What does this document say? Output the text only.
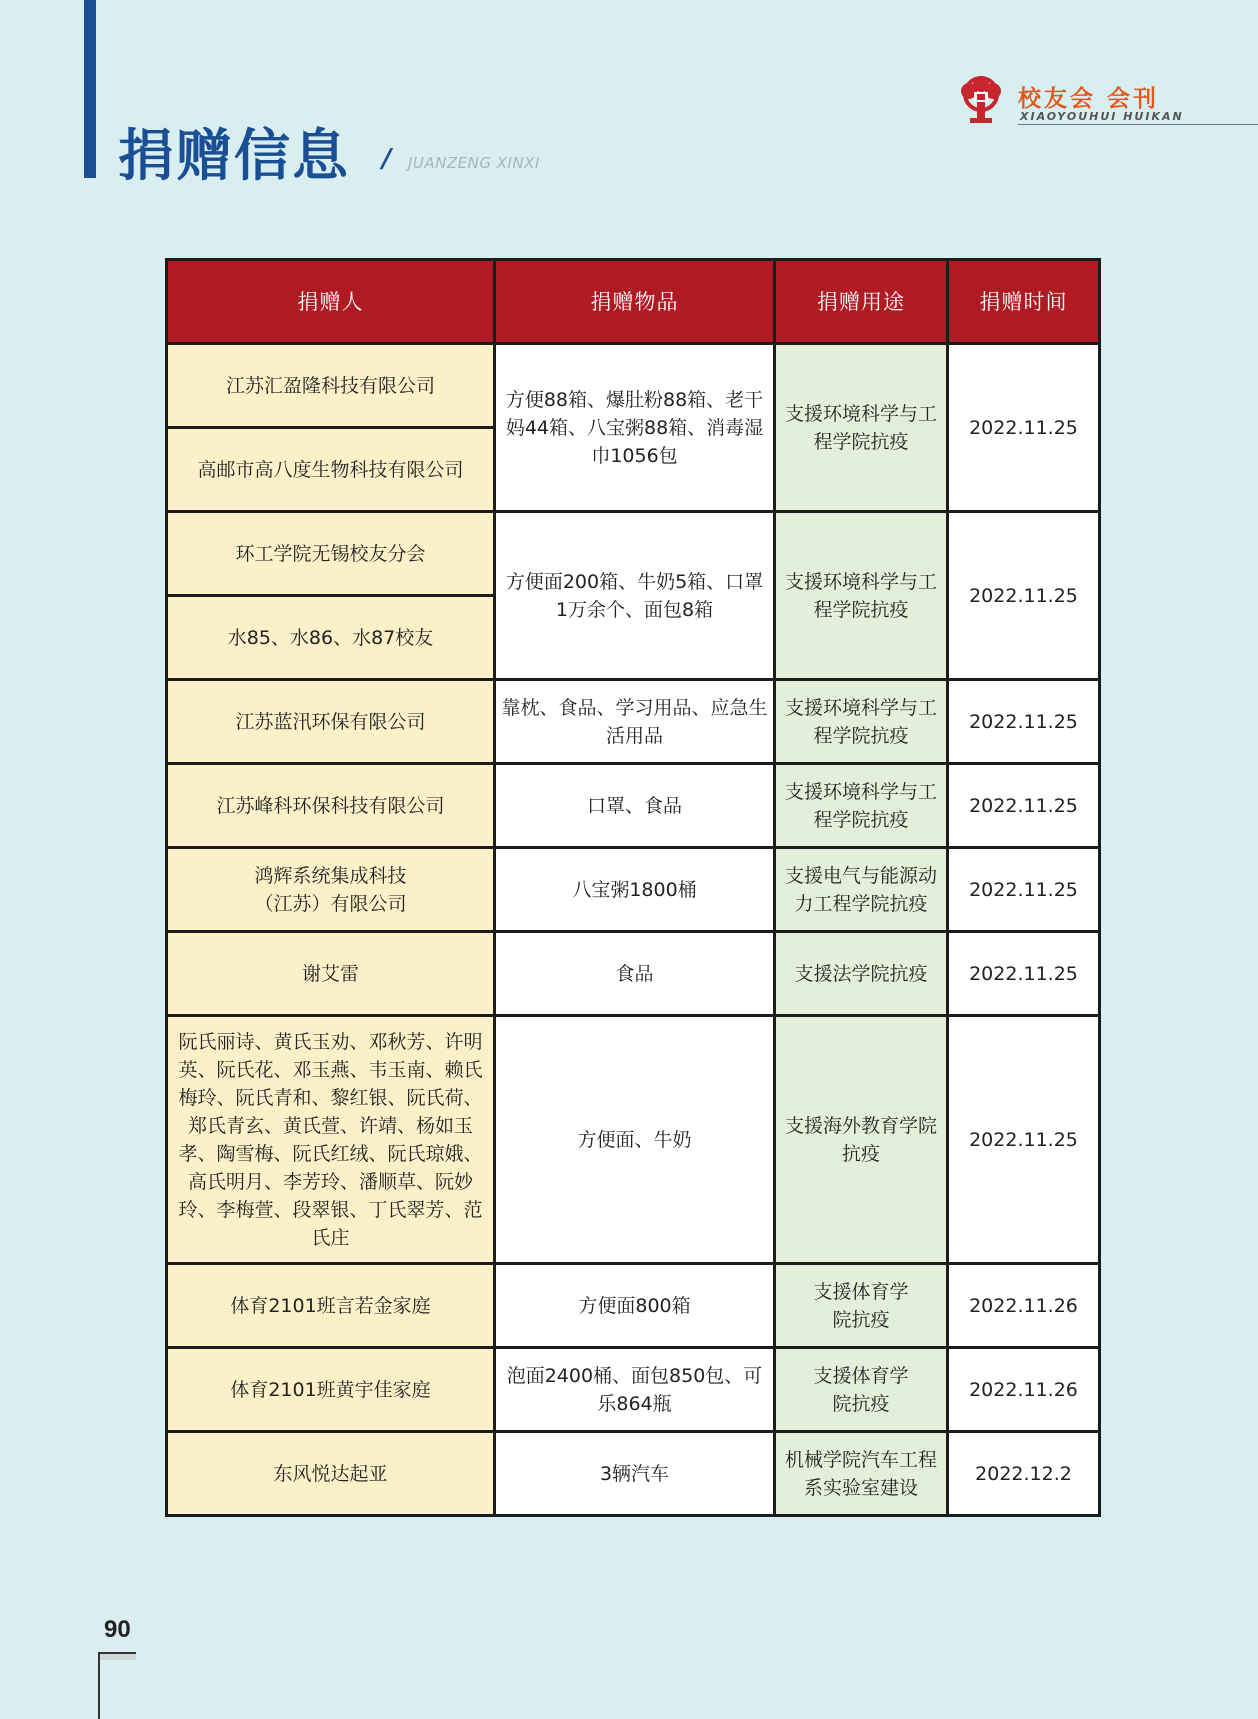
捐赠信息 / JUANZENG XINXI
校友会 会刊
XIAOYOUHUI HUIKAN
捐赠人	捐赠物品	捐赠用途	捐赠时间
江苏汇盈隆科技有限公司	方便88箱、爆肚粉88箱、老干妈44箱、八宝粥88箱、消毒湿巾1056包	支援环境科学与工程学院抗疫	2022.11.25
高邮市高八度生物科技有限公司			
环工学院无锡校友分会	方便面200箱、牛奶5箱、口罩1万余个、面包8箱	支援环境科学与工程学院抗疫	2022.11.25
水85、水86、水87校友			
江苏蓝汛环保有限公司	靠枕、食品、学习用品、应急生活用品	支援环境科学与工程学院抗疫	2022.11.25
江苏峰科环保科技有限公司	口罩、食品	支援环境科学与工程学院抗疫	2022.11.25
鸿辉系统集成科技（江苏）有限公司	八宝粥1800桶	支援电气与能源动力工程学院抗疫	2022.11.25
谢艾雷	食品	支援法学院抗疫	2022.11.25
阮氏丽诗、黄氏玉劝、邓秋芳、许明英、阮氏花、邓玉燕、韦玉南、赖氏梅玲、阮氏青和、黎红银、阮氏荷、郑氏青玄、黄氏萱、许靖、杨如玉孝、陶雪梅、阮氏红绒、阮氏琼娥、高氏明月、李芳玲、潘顺草、阮妙玲、李梅萱、段翠银、丁氏翠芳、范氏庄	方便面、牛奶	支援海外教育学院抗疫	2022.11.25
体育2101班言若金家庭	方便面800箱	支援体育学院抗疫	2022.11.26
体育2101班黄宇佳家庭	泡面2400桶、面包850包、可乐864瓶	支援体育学院抗疫	2022.11.26
东风悦达起亚	3辆汽车	机械学院汽车工程系实验室建设	2022.12.2
90
